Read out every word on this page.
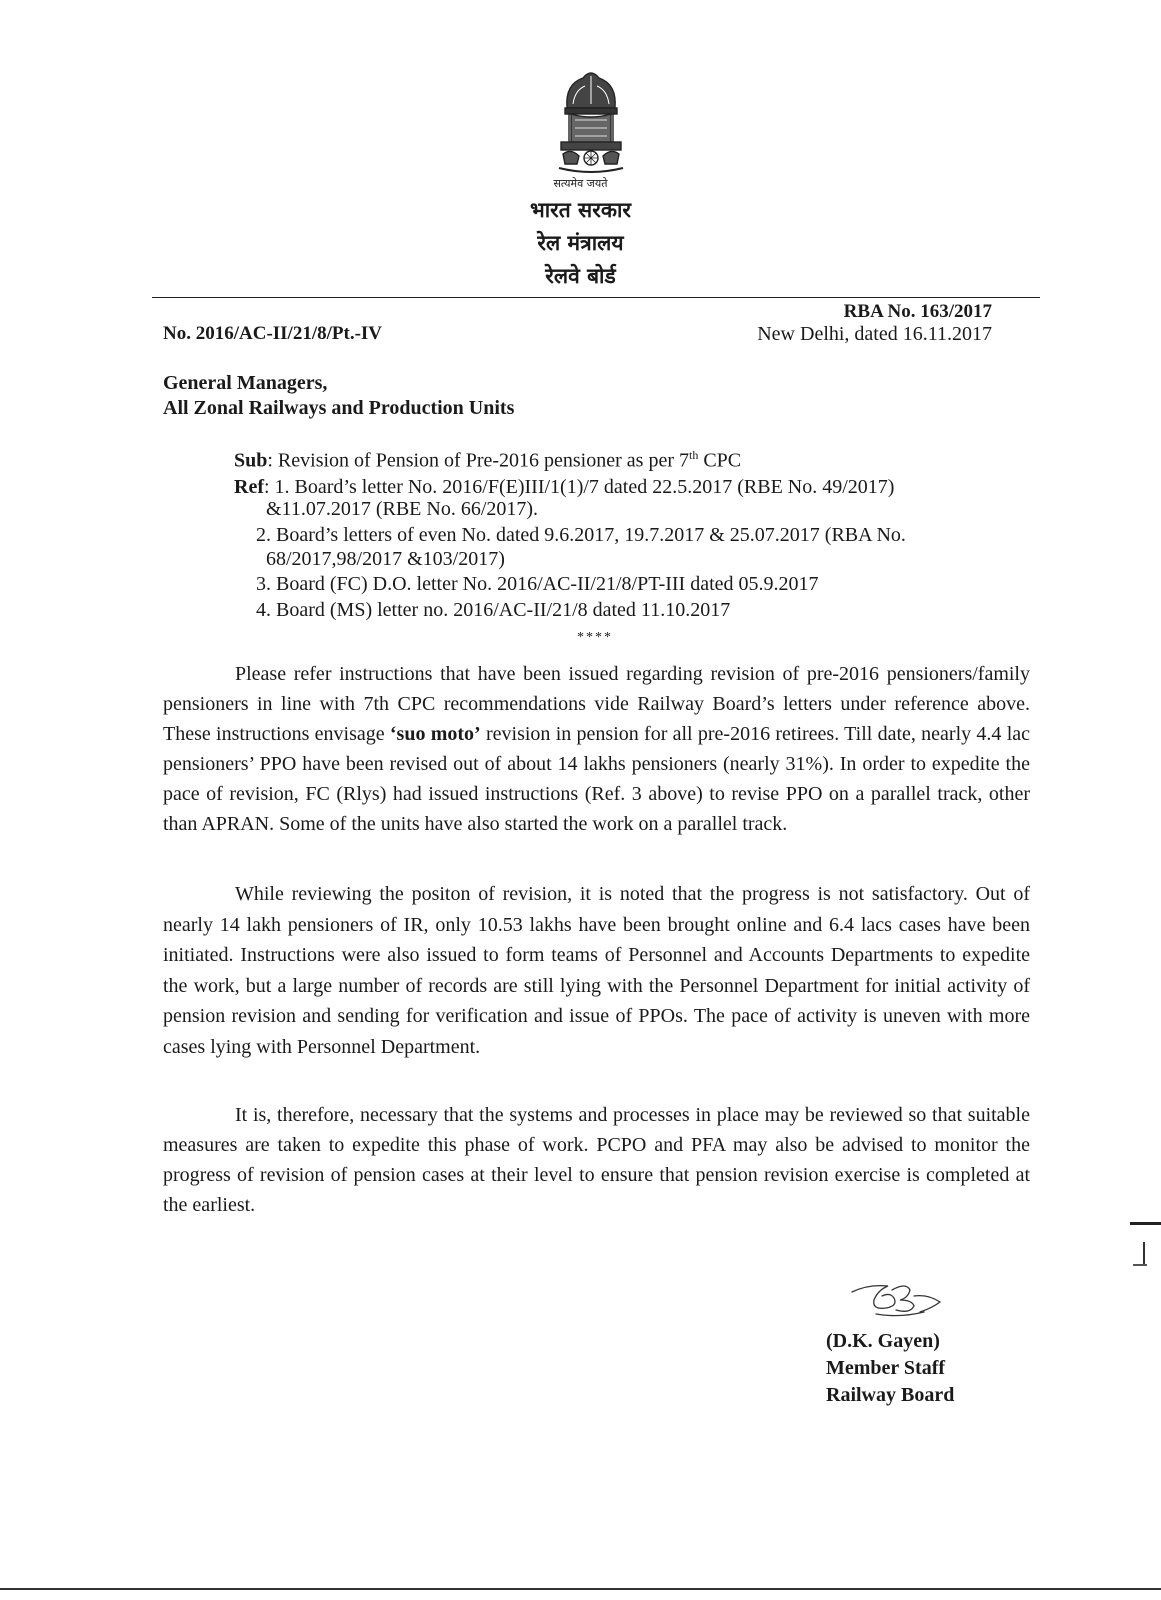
सत्यमेव जयते
भारत सरकार
रेल मंत्रालय
रेलवे बोर्ड
RBA No. 163/2017
No. 2016/AC-II/21/8/Pt.-IV	New Delhi, dated 16.11.2017
General Managers,
All Zonal Railways and Production Units
Sub: Revision of Pension of Pre-2016 pensioner as per 7th CPC
Ref: 1. Board’s letter No. 2016/F(E)III/1(1)/7 dated 22.5.2017 (RBE No. 49/2017)
&11.07.2017 (RBE No. 66/2017).
2. Board’s letters of even No. dated 9.6.2017, 19.7.2017 & 25.07.2017 (RBA No.
68/2017,98/2017 &103/2017)
3. Board (FC) D.O. letter No. 2016/AC-II/21/8/PT-III dated 05.9.2017
4. Board (MS) letter no. 2016/AC-II/21/8 dated 11.10.2017
****

Please refer instructions that have been issued regarding revision of pre-2016 pensioners/family pensioners in line with 7th CPC recommendations vide Railway Board’s letters under reference above. These instructions envisage ‘suo moto’ revision in pension for all pre-2016 retirees. Till date, nearly 4.4 lac pensioners’ PPO have been revised out of about 14 lakhs pensioners (nearly 31%). In order to expedite the pace of revision, FC (Rlys) had issued instructions (Ref. 3 above) to revise PPO on a parallel track, other than APRAN. Some of the units have also started the work on a parallel track.

While reviewing the positon of revision, it is noted that the progress is not satisfactory. Out of nearly 14 lakh pensioners of IR, only 10.53 lakhs have been brought online and 6.4 lacs cases have been initiated. Instructions were also issued to form teams of Personnel and Accounts Departments to expedite the work, but a large number of records are still lying with the Personnel Department for initial activity of pension revision and sending for verification and issue of PPOs. The pace of activity is uneven with more cases lying with Personnel Department.

It is, therefore, necessary that the systems and processes in place may be reviewed so that suitable measures are taken to expedite this phase of work. PCPO and PFA may also be advised to monitor the progress of revision of pension cases at their level to ensure that pension revision exercise is completed at the earliest.

(D.K. Gayen)
Member Staff
Railway Board
